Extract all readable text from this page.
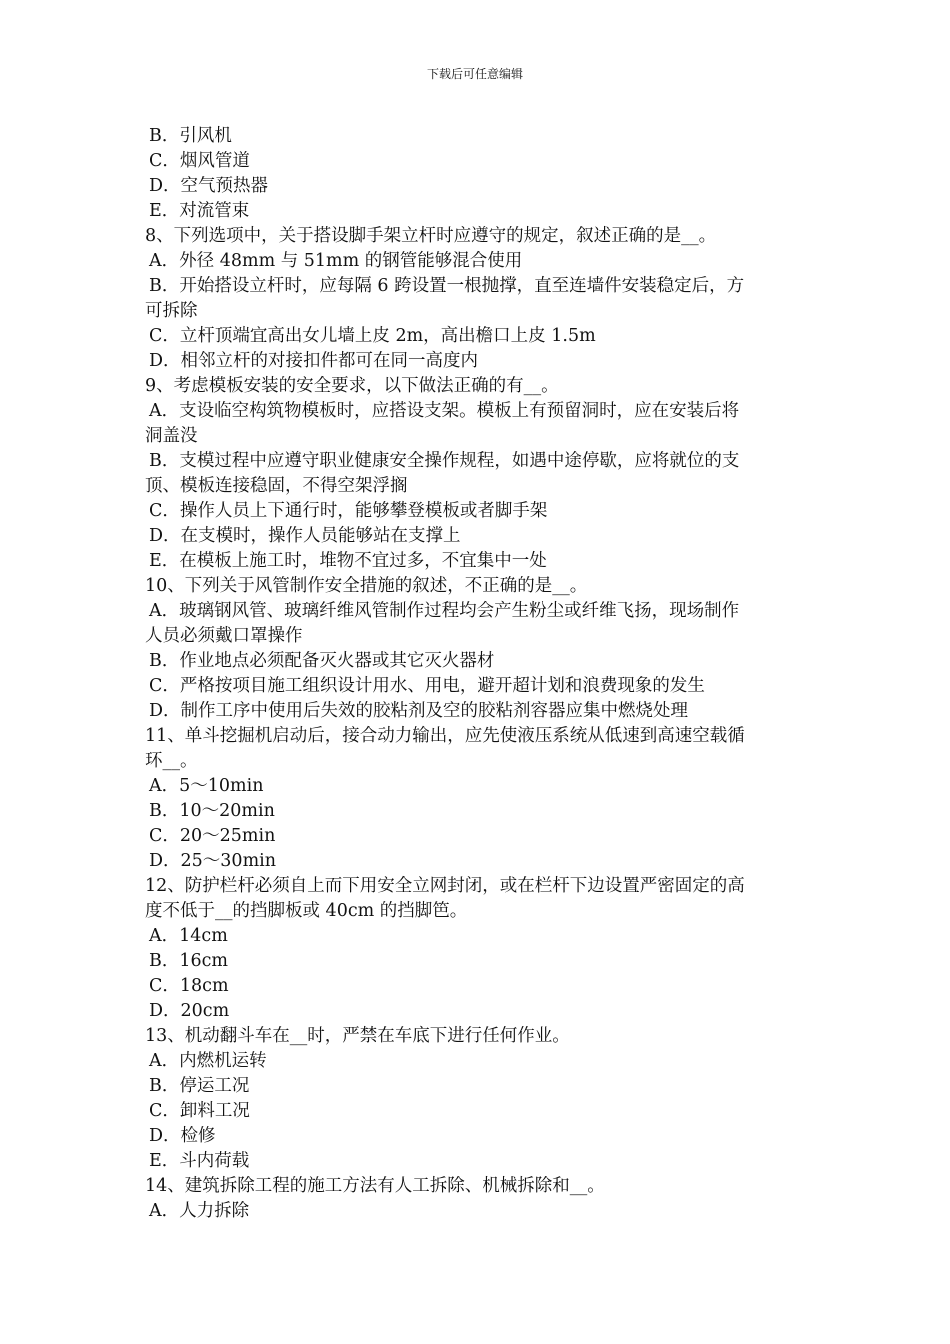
下载后可任意编辑
B．引风机
C．烟风管道
D．空气预热器
E．对流管束
8、下列选项中，关于搭设脚手架立杆时应遵守的规定，叙述正确的是__。
A．外径 48mm 与 51mm 的钢管能够混合使用
B．开始搭设立杆时，应每隔 6 跨设置一根抛撑，直至连墙件安装稳定后，方
可拆除
C．立杆顶端宜高出女儿墙上皮 2m，高出檐口上皮 1.5m
D．相邻立杆的对接扣件都可在同一高度内
9、考虑模板安装的安全要求，以下做法正确的有__。
A．支设临空构筑物模板时，应搭设支架。模板上有预留洞时，应在安装后将
洞盖没
B．支模过程中应遵守职业健康安全操作规程，如遇中途停歇，应将就位的支
顶、模板连接稳固，不得空架浮搁
C．操作人员上下通行时，能够攀登模板或者脚手架
D．在支模时，操作人员能够站在支撑上
E．在模板上施工时，堆物不宜过多，不宜集中一处
10、下列关于风管制作安全措施的叙述，不正确的是__。
A．玻璃钢风管、玻璃纤维风管制作过程均会产生粉尘或纤维飞扬，现场制作
人员必须戴口罩操作
B．作业地点必须配备灭火器或其它灭火器材
C．严格按项目施工组织设计用水、用电，避开超计划和浪费现象的发生
D．制作工序中使用后失效的胶粘剂及空的胶粘剂容器应集中燃烧处理
11、单斗挖掘机启动后，接合动力输出，应先使液压系统从低速到高速空载循
环__。
A．5～10min
B．10～20min
C．20～25min
D．25～30min
12、防护栏杆必须自上而下用安全立网封闭，或在栏杆下边设置严密固定的高
度不低于__的挡脚板或 40cm 的挡脚笆。
A．14cm
B．16cm
C．18cm
D．20cm
13、机动翻斗车在__时，严禁在车底下进行任何作业。
A．内燃机运转
B．停运工况
C．卸料工况
D．检修
E．斗内荷载
14、建筑拆除工程的施工方法有人工拆除、机械拆除和__。
A．人力拆除
